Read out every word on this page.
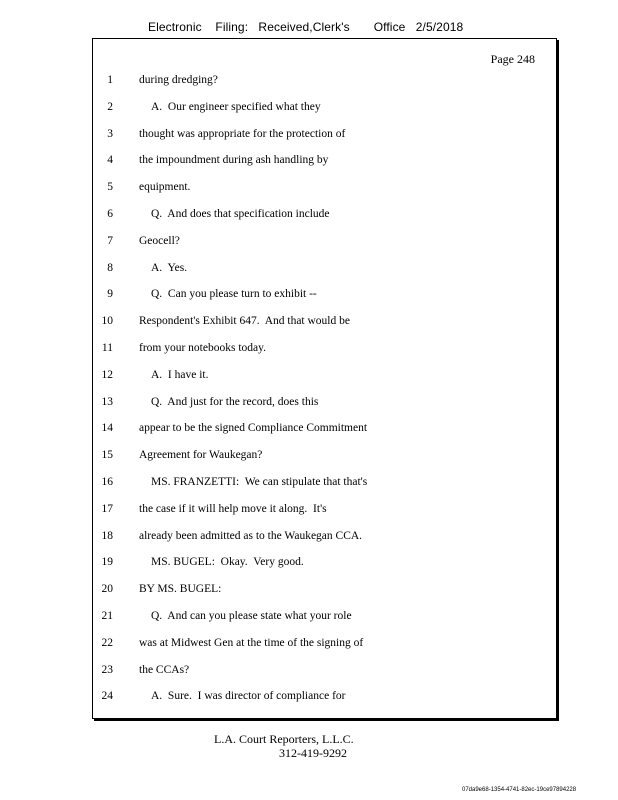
Electronic    Filing:   Received,Clerk's       Office   2/5/2018
Page 248
1 during dredging?
2	A.  Our engineer specified what they
3 thought was appropriate for the protection of
4 the impoundment during ash handling by
5 equipment.
6	Q.  And does that specification include
7 Geocell?
8	A.  Yes.
9	Q.  Can you please turn to exhibit --
10 Respondent's Exhibit 647.  And that would be
11 from your notebooks today.
12	A.  I have it.
13	Q.  And just for the record, does this
14 appear to be the signed Compliance Commitment
15 Agreement for Waukegan?
16	MS. FRANZETTI:  We can stipulate that that's
17 the case if it will help move it along.  It's
18 already been admitted as to the Waukegan CCA.
19	MS. BUGEL:  Okay.  Very good.
20 BY MS. BUGEL:
21	Q.  And can you please state what your role
22 was at Midwest Gen at the time of the signing of
23 the CCAs?
24	A.  Sure.  I was director of compliance for
L.A. Court Reporters, L.L.C.
312-419-9292
07da9e68-1354-4741-82ec-19ce97894228
